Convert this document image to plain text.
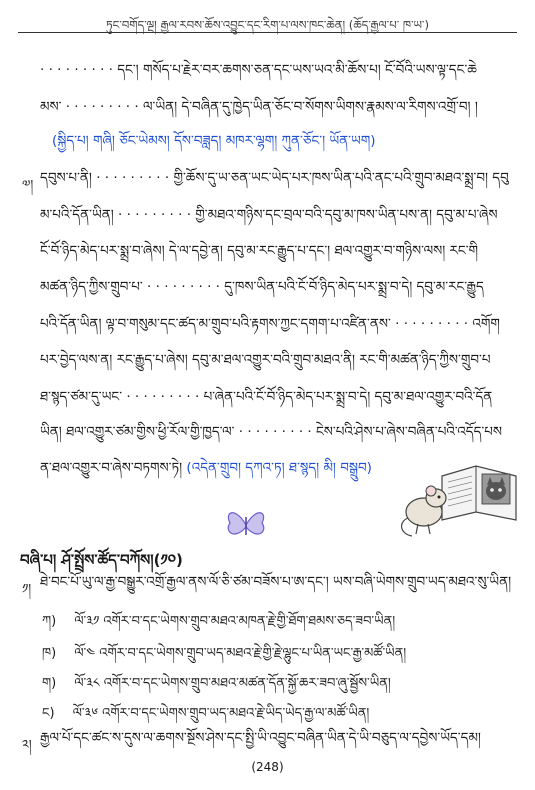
ཏུང་བགོད་ལྔ། རྒྱལ་རབས་ཆོས་འབྱུང་དང་རིག་པ་ལས་ཁང་ཆེན། (ཆོད་རྒྱལ་པ་ ཁ་ཡ་)
· · · · · · · · · དང་། གསོད་པ་རྗེར་བར་ཆགས་ཅན་དང་ཡས་ཡའ་མི་ཆོས་པ། ངོ་བོའི་ཡས་ལྟ་དང་ཆེ
མས་ · · · · · · · · · ལ་ཡིན། དེ་བཞིན་དུ་ཁྱེད་ཡིན་ཅོང་བ་སོགས་ཡིགས་རྣམས་ལ་རིགས་འགྲོ་བ། །
(སྐྱིད་པ། གཞི། ཅོང་ཡེམས། དོས་བཟླད། མཁར་ལྷག། ཀུན་ཅོང་། ཡོན་ཡག)
༧། དབུས་པ་ནི། · · · · · · · · · གྱི་ཆོས་དུ་ཡ་ཅན་ཡང་ཡེད་པར་ཁས་ཡིན་པའི་ནང་པའི་གྲུབ་མཐའ་སྨྲ་བ། དབུ
མ་པའི་དོན་ཡིན། · · · · · · · · · གྱི་མཐའ་གཉིས་དང་བྲལ་བའི་དབུ་མ་ཁས་ཡིན་པས་ན། དབུ་མ་པ་ཞེས
ངོ་བོ་ཉིད་མེད་པར་སྨྲ་བ་ཞེས། དེ་ལ་དབྱེ་ན། དབུ་མ་རང་རྒྱུད་པ་དང་། ཐལ་འགྱུར་བ་གཉིས་ལས། རང་གི
མཚན་ཉིད་ཀྱིས་གྲུབ་པ་ · · · · · · · · · དུ་ཁས་ཡིན་པའི་ངོ་བོ་ཉིད་མེད་པར་སྨྲ་བ་དེ། དབུ་མ་རང་རྒྱུད
པའི་དོན་ཡིན། ལྟ་བ་གསུམ་དང་ཚད་མ་གྲུབ་པའི་རྟགས་ཀྱང་དགག་པ་འཛིན་ནས་ · · · · · · · · · འགོག
པར་བྱེད་ལས་ན། རང་རྒྱུད་པ་ཞེས། དབུ་མ་ཐལ་འགྱུར་བའི་གྲུབ་མཐའ་ནི། རང་གི་མཚན་ཉིད་ཀྱིས་གྲུབ་པ
ཐ་སྙད་ཙམ་དུ་ཡང་ · · · · · · · · · པ་ཞེན་པའི་ངོ་བོ་ཉིད་མེད་པར་སྨྲ་བ་དེ། དབུ་མ་ཐལ་འགྱུར་བའི་དོན
ཡིན། ཐལ་འགྱུར་ཙམ་གྱིས་ཕྱི་རོལ་གྱི་ཁྱད་ལ་ · · · · · · · · · ངེས་པའི་ཤེས་པ་ཞེས་བཞིན་པའི་འདོད་པས
ན་ཐལ་འགྱུར་བ་ཞེས་བཏགས་ཏེ། (འདེན་གྲུབ། དཀའ་ཏ། ཐ་སྙད། མི། བསྒྲུབ)
བཞི་པ། ཤོ་སྤྲོས་ཚོད་བཀོས།(༡༠)
༡། ཐེ་བང་པོ་ཡུ་ལ་རྒྱ་བསྒྱུར་འགྲོ་རྒྱལ་ནས་ལོ་ཅི་ཙམ་བཟོས་པ་ཨ་དང་། ཡས་བཞི་ཡེགས་གྲུབ་ཡད་མཐའ་སུ་ཡིན།
ཀ) ལོ་༣༡ འགོར་བ་དང་ཡེགས་གྲུབ་མཐའ་མཁན་རྗེ་གྱི་ཐོག་ཐམས་ཅད་ཟབ་ཡིན།
ཁ) ལོ་༤ འགོར་བ་དང་ཡེགས་གྲུབ་ཡད་མཐའ་རྗེ་གྱི་རྗེ་ལྷུང་པ་ཡིན་ཡང་རྒྱ་མཚོ་ཡིན།
ག) ལོ་༣༨ འགོར་བ་དང་ཡེགས་གྲུབ་མཐའ་མཚན་དོན་སྐྱོ་ཆར་ཟབ་ཞུ་སྦྱོས་ཡིན།
ང) ལོ་༣༦ འགོར་བ་དང་ཡེགས་གྲུབ་ཡད་མཐའ་རྗེ་ཡིད་ཡེད་རྒྱ་ལ་མཚོ་ཡིན།
༢། རྒྱལ་པོ་དང་ཚང་ས་དུས་ལ་ཆགས་སྔོས་ཤེས་དང་སྤྱི་ཡི་འབྱུང་བཞིན་ཡིན་དེ་ཡི་བཅུད་ལ་དབྱེས་ཡོད་དམ།
(248)
